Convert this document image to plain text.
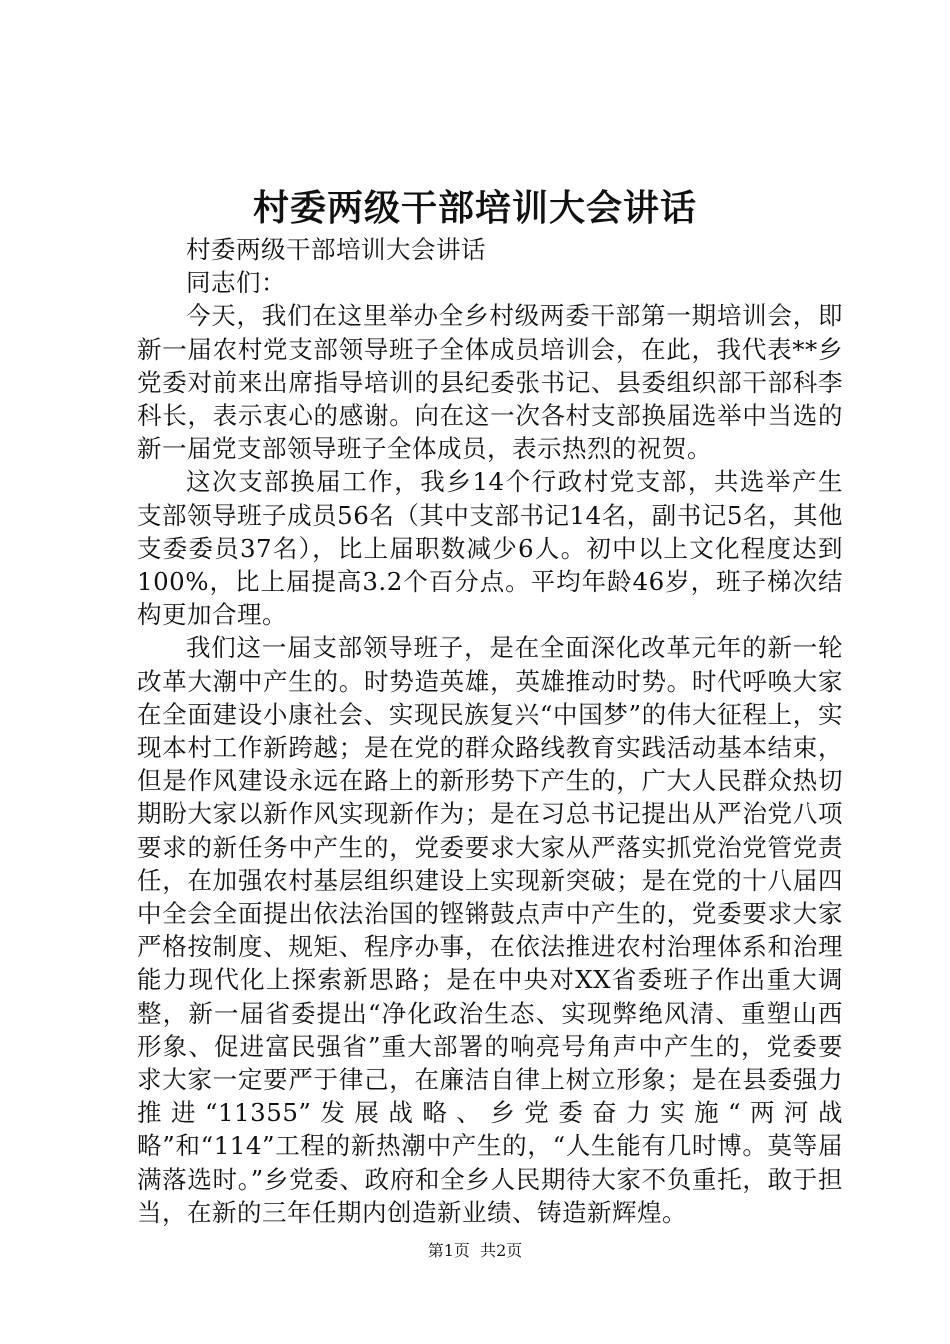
村委两级干部培训大会讲话

村委两级干部培训大会讲话

同志们：

今天，我们在这里举办全乡村级两委干部第一期培训会，即新一届农村党支部领导班子全体成员培训会，在此，我代表**乡党委对前来出席指导培训的县纪委张书记、县委组织部干部科李科长，表示衷心的感谢。向在这一次各村支部换届选举中当选的新一届党支部领导班子全体成员，表示热烈的祝贺。

这次支部换届工作，我乡14个行政村党支部，共选举产生支部领导班子成员56名（其中支部书记14名，副书记5名，其他支委委员37名），比上届职数减少6人。初中以上文化程度达到100%，比上届提高3.2个百分点。平均年龄46岁，班子梯次结构更加合理。

我们这一届支部领导班子，是在全面深化改革元年的新一轮改革大潮中产生的。时势造英雄，英雄推动时势。时代呼唤大家在全面建设小康社会、实现民族复兴“中国梦”的伟大征程上，实现本村工作新跨越；是在党的群众路线教育实践活动基本结束，但是作风建设永远在路上的新形势下产生的，广大人民群众热切期盼大家以新作风实现新作为；是在习总书记提出从严治党八项要求的新任务中产生的，党委要求大家从严落实抓党治党管党责任，在加强农村基层组织建设上实现新突破；是在党的十八届四中全会全面提出依法治国的铿锵鼓点声中产生的，党委要求大家严格按制度、规矩、程序办事，在依法推进农村治理体系和治理能力现代化上探索新思路；是在中央对XX省委班子作出重大调整，新一届省委提出“净化政治生态、实现弊绝风清、重塑山西形象、促进富民强省”重大部署的响亮号角声中产生的，党委要求大家一定要严于律己，在廉洁自律上树立形象；是在县委强力推进“11355”发展战略、乡党委奋力实施“两河战略”和“114”工程的新热潮中产生的，“人生能有几时博。莫等届满落选时。”乡党委、政府和全乡人民期待大家不负重托，敢于担当，在新的三年任期内创造新业绩、铸造新辉煌。

第1页 共2页
